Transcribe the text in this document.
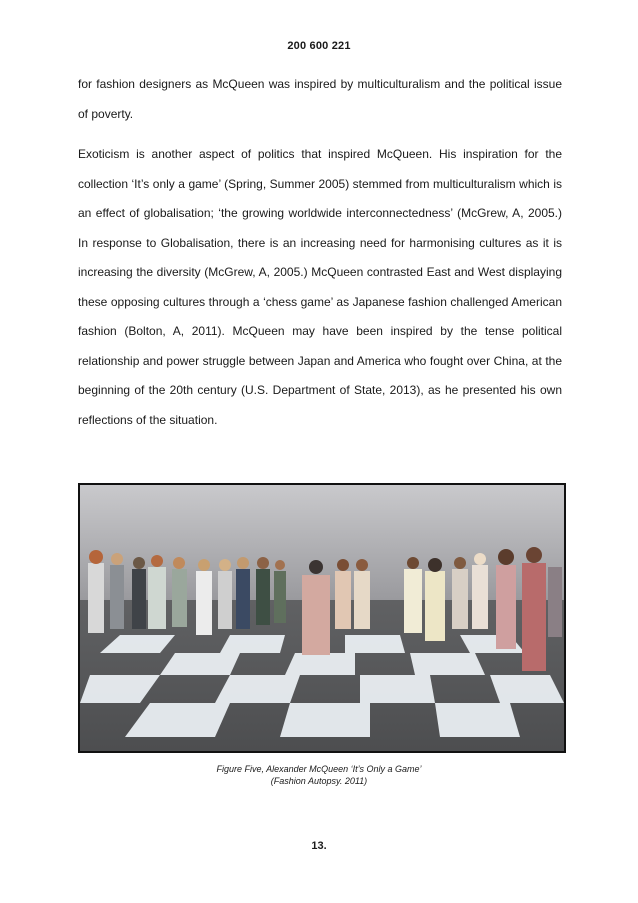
200 600 221

for fashion designers as McQueen was inspired by multiculturalism and the political issue of poverty.

Exoticism is another aspect of politics that inspired McQueen. His inspiration for the collection ‘It’s only a game’ (Spring, Summer 2005) stemmed from multiculturalism which is an effect of globalisation; ‘the growing worldwide interconnectedness’ (McGrew, A, 2005.) In response to Globalisation, there is an increasing need for harmonising cultures as it is increasing the diversity (McGrew, A, 2005.) McQueen contrasted East and West displaying these opposing cultures through a ‘chess game’ as Japanese fashion challenged American fashion (Bolton, A, 2011). McQueen may have been inspired by the tense political relationship and power struggle between Japan and America who fought over China, at the beginning of the 20th century (U.S. Department of State, 2013), as he presented his own reflections of the situation.

Figure Five, Alexander McQueen ‘It’s Only a Game’
(Fashion Autopsy. 2011)
13.
